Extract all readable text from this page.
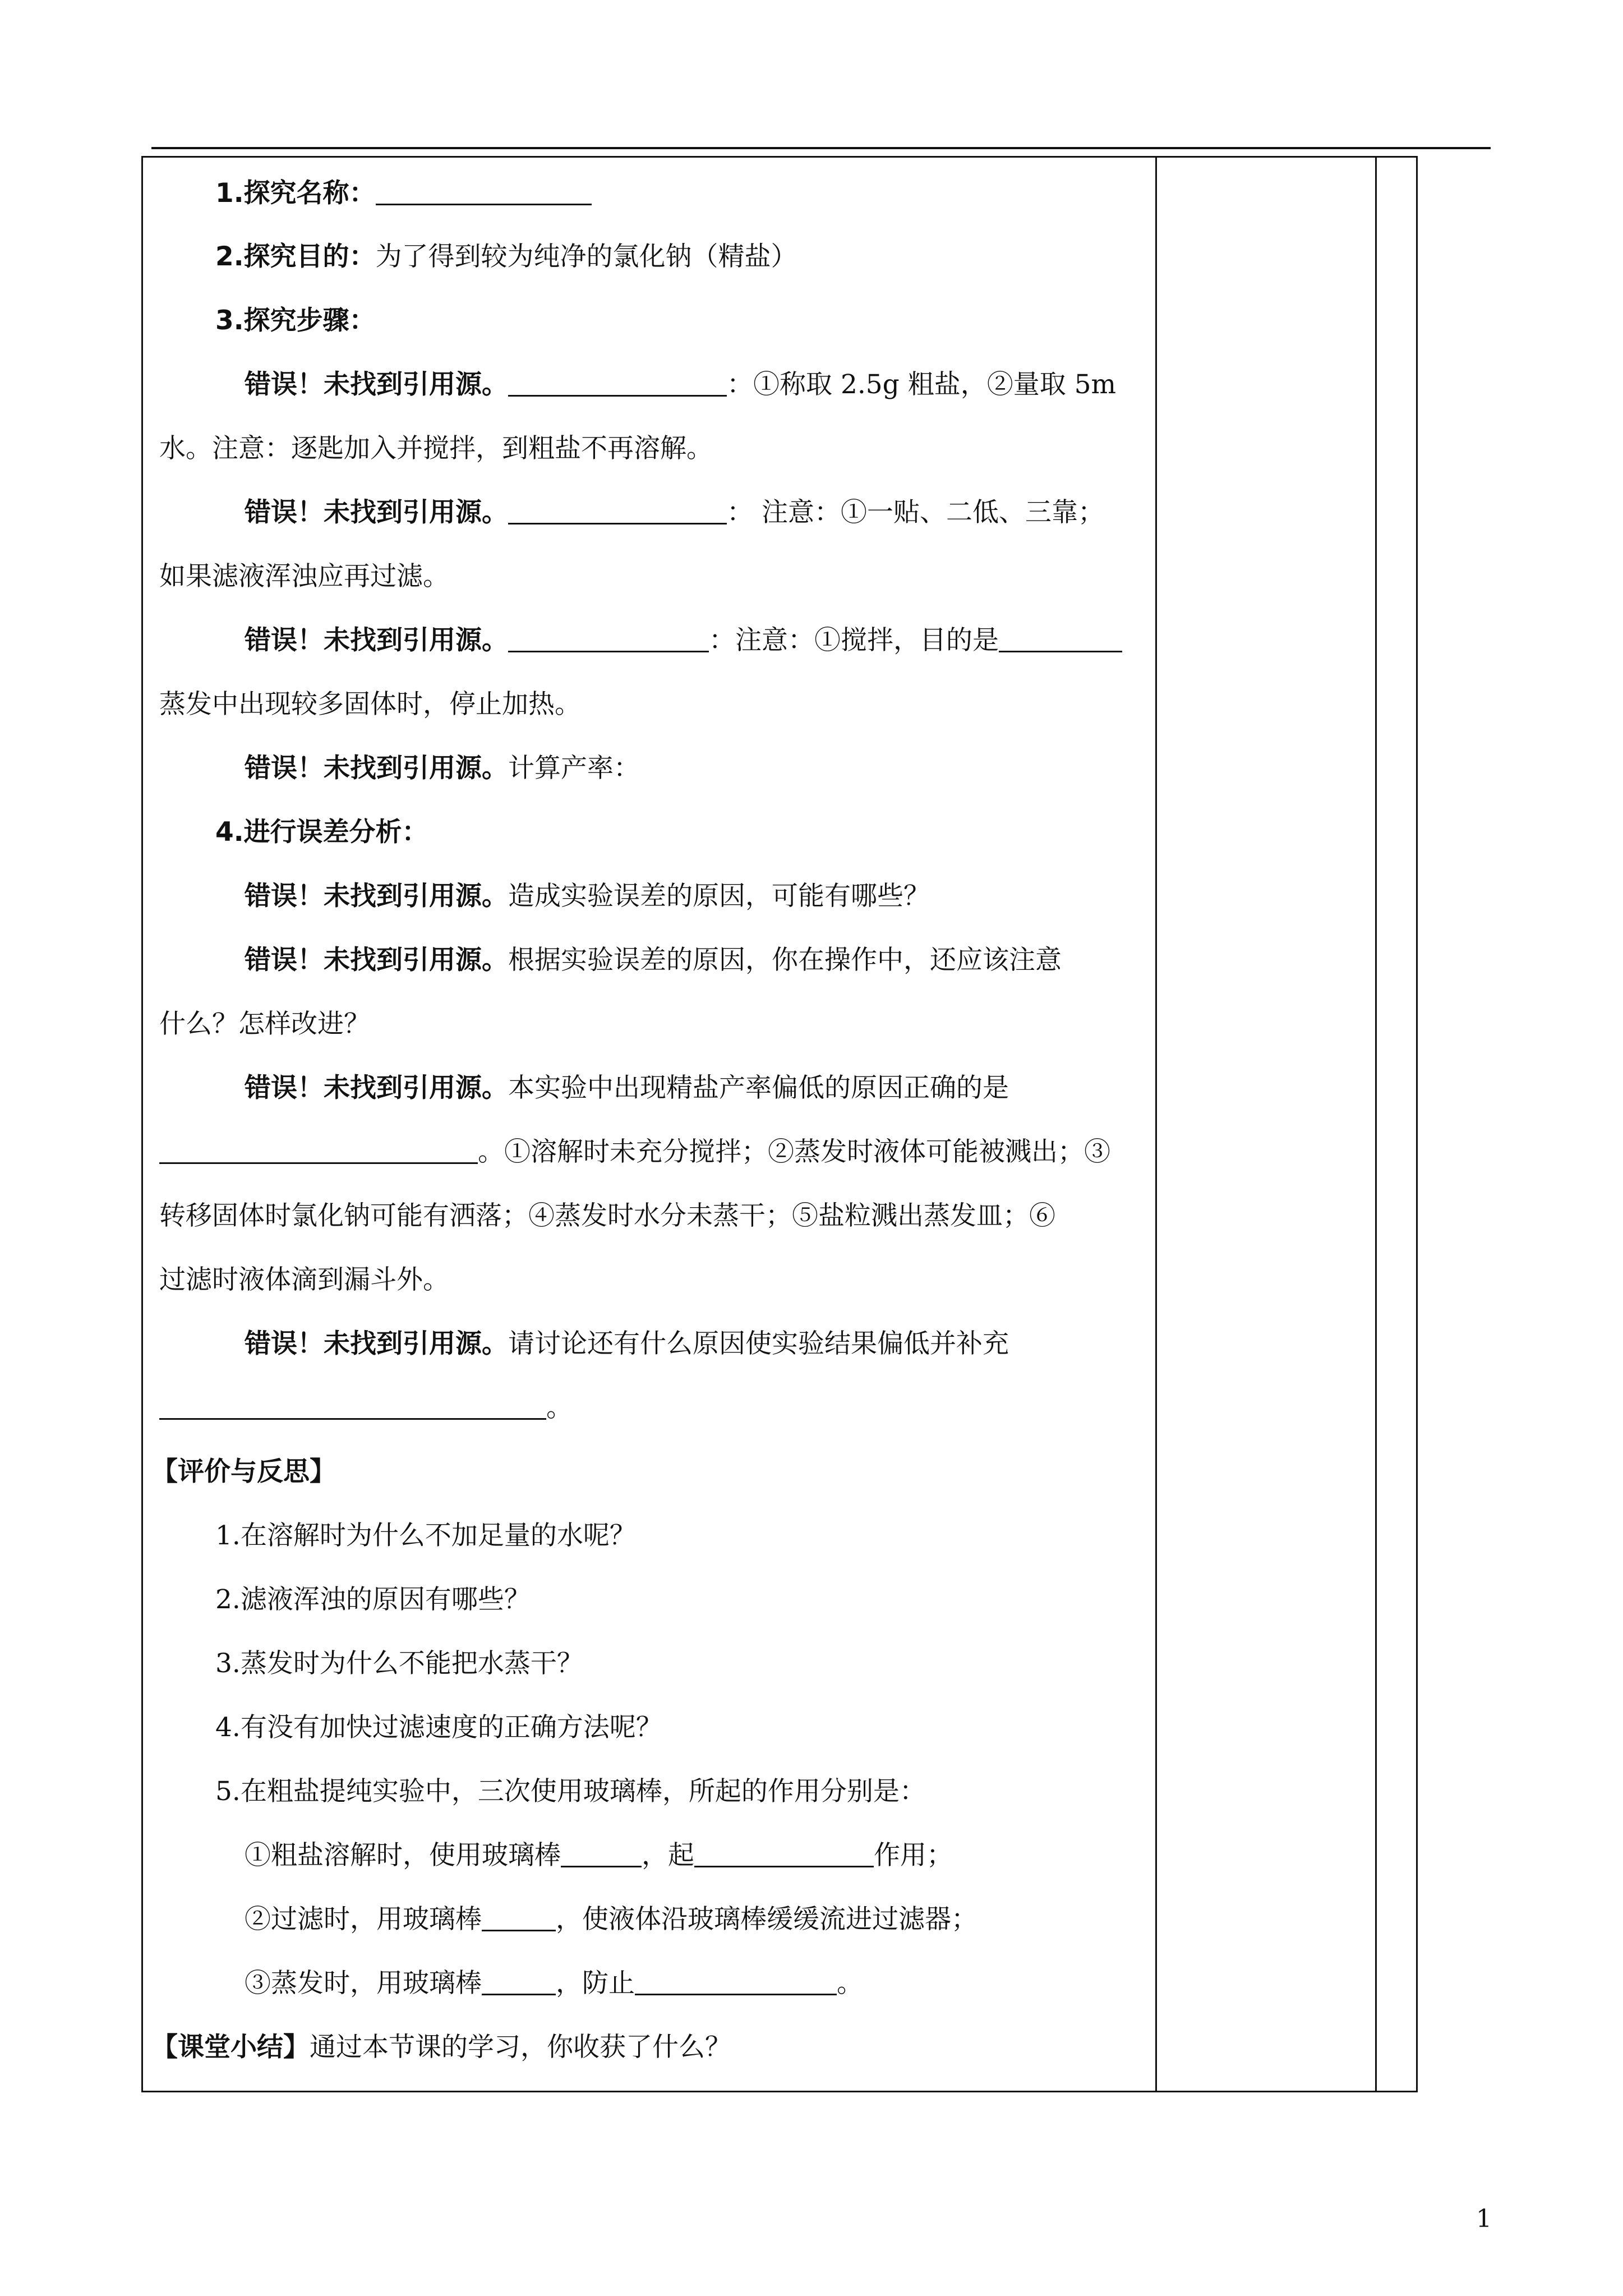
1.探究名称：
2.探究目的：为了得到较为纯净的氯化钠（精盐）
3.探究步骤：
错误！未找到引用源。	：①称取 2.5g 粗盐，②量取 5m
水。注意：逐匙加入并搅拌，到粗盐不再溶解。
错误！未找到引用源。	： 注意：①一贴、二低、三靠；
如果滤液浑浊应再过滤。
错误！未找到引用源。	：注意：①搅拌，目的是
蒸发中出现较多固体时，停止加热。
错误！未找到引用源。计算产率：
4.进行误差分析：
错误！未找到引用源。造成实验误差的原因，可能有哪些？
错误！未找到引用源。根据实验误差的原因，你在操作中，还应该注意
什么？怎样改进？
错误！未找到引用源。本实验中出现精盐产率偏低的原因正确的是
。①溶解时未充分搅拌；②蒸发时液体可能被溅出；③
转移固体时氯化钠可能有洒落；④蒸发时水分未蒸干；⑤盐粒溅出蒸发皿；⑥
过滤时液体滴到漏斗外。
错误！未找到引用源。请讨论还有什么原因使实验结果偏低并补充
。
【评价与反思】
1.在溶解时为什么不加足量的水呢？
2.滤液浑浊的原因有哪些？
3.蒸发时为什么不能把水蒸干？
4.有没有加快过滤速度的正确方法呢？
5.在粗盐提纯实验中，三次使用玻璃棒，所起的作用分别是：
①粗盐溶解时，使用玻璃棒	，起	作用；
②过滤时，用玻璃棒	，使液体沿玻璃棒缓缓流进过滤器；
③蒸发时，用玻璃棒	，防止	。
【课堂小结】通过本节课的学习，你收获了什么？
1
